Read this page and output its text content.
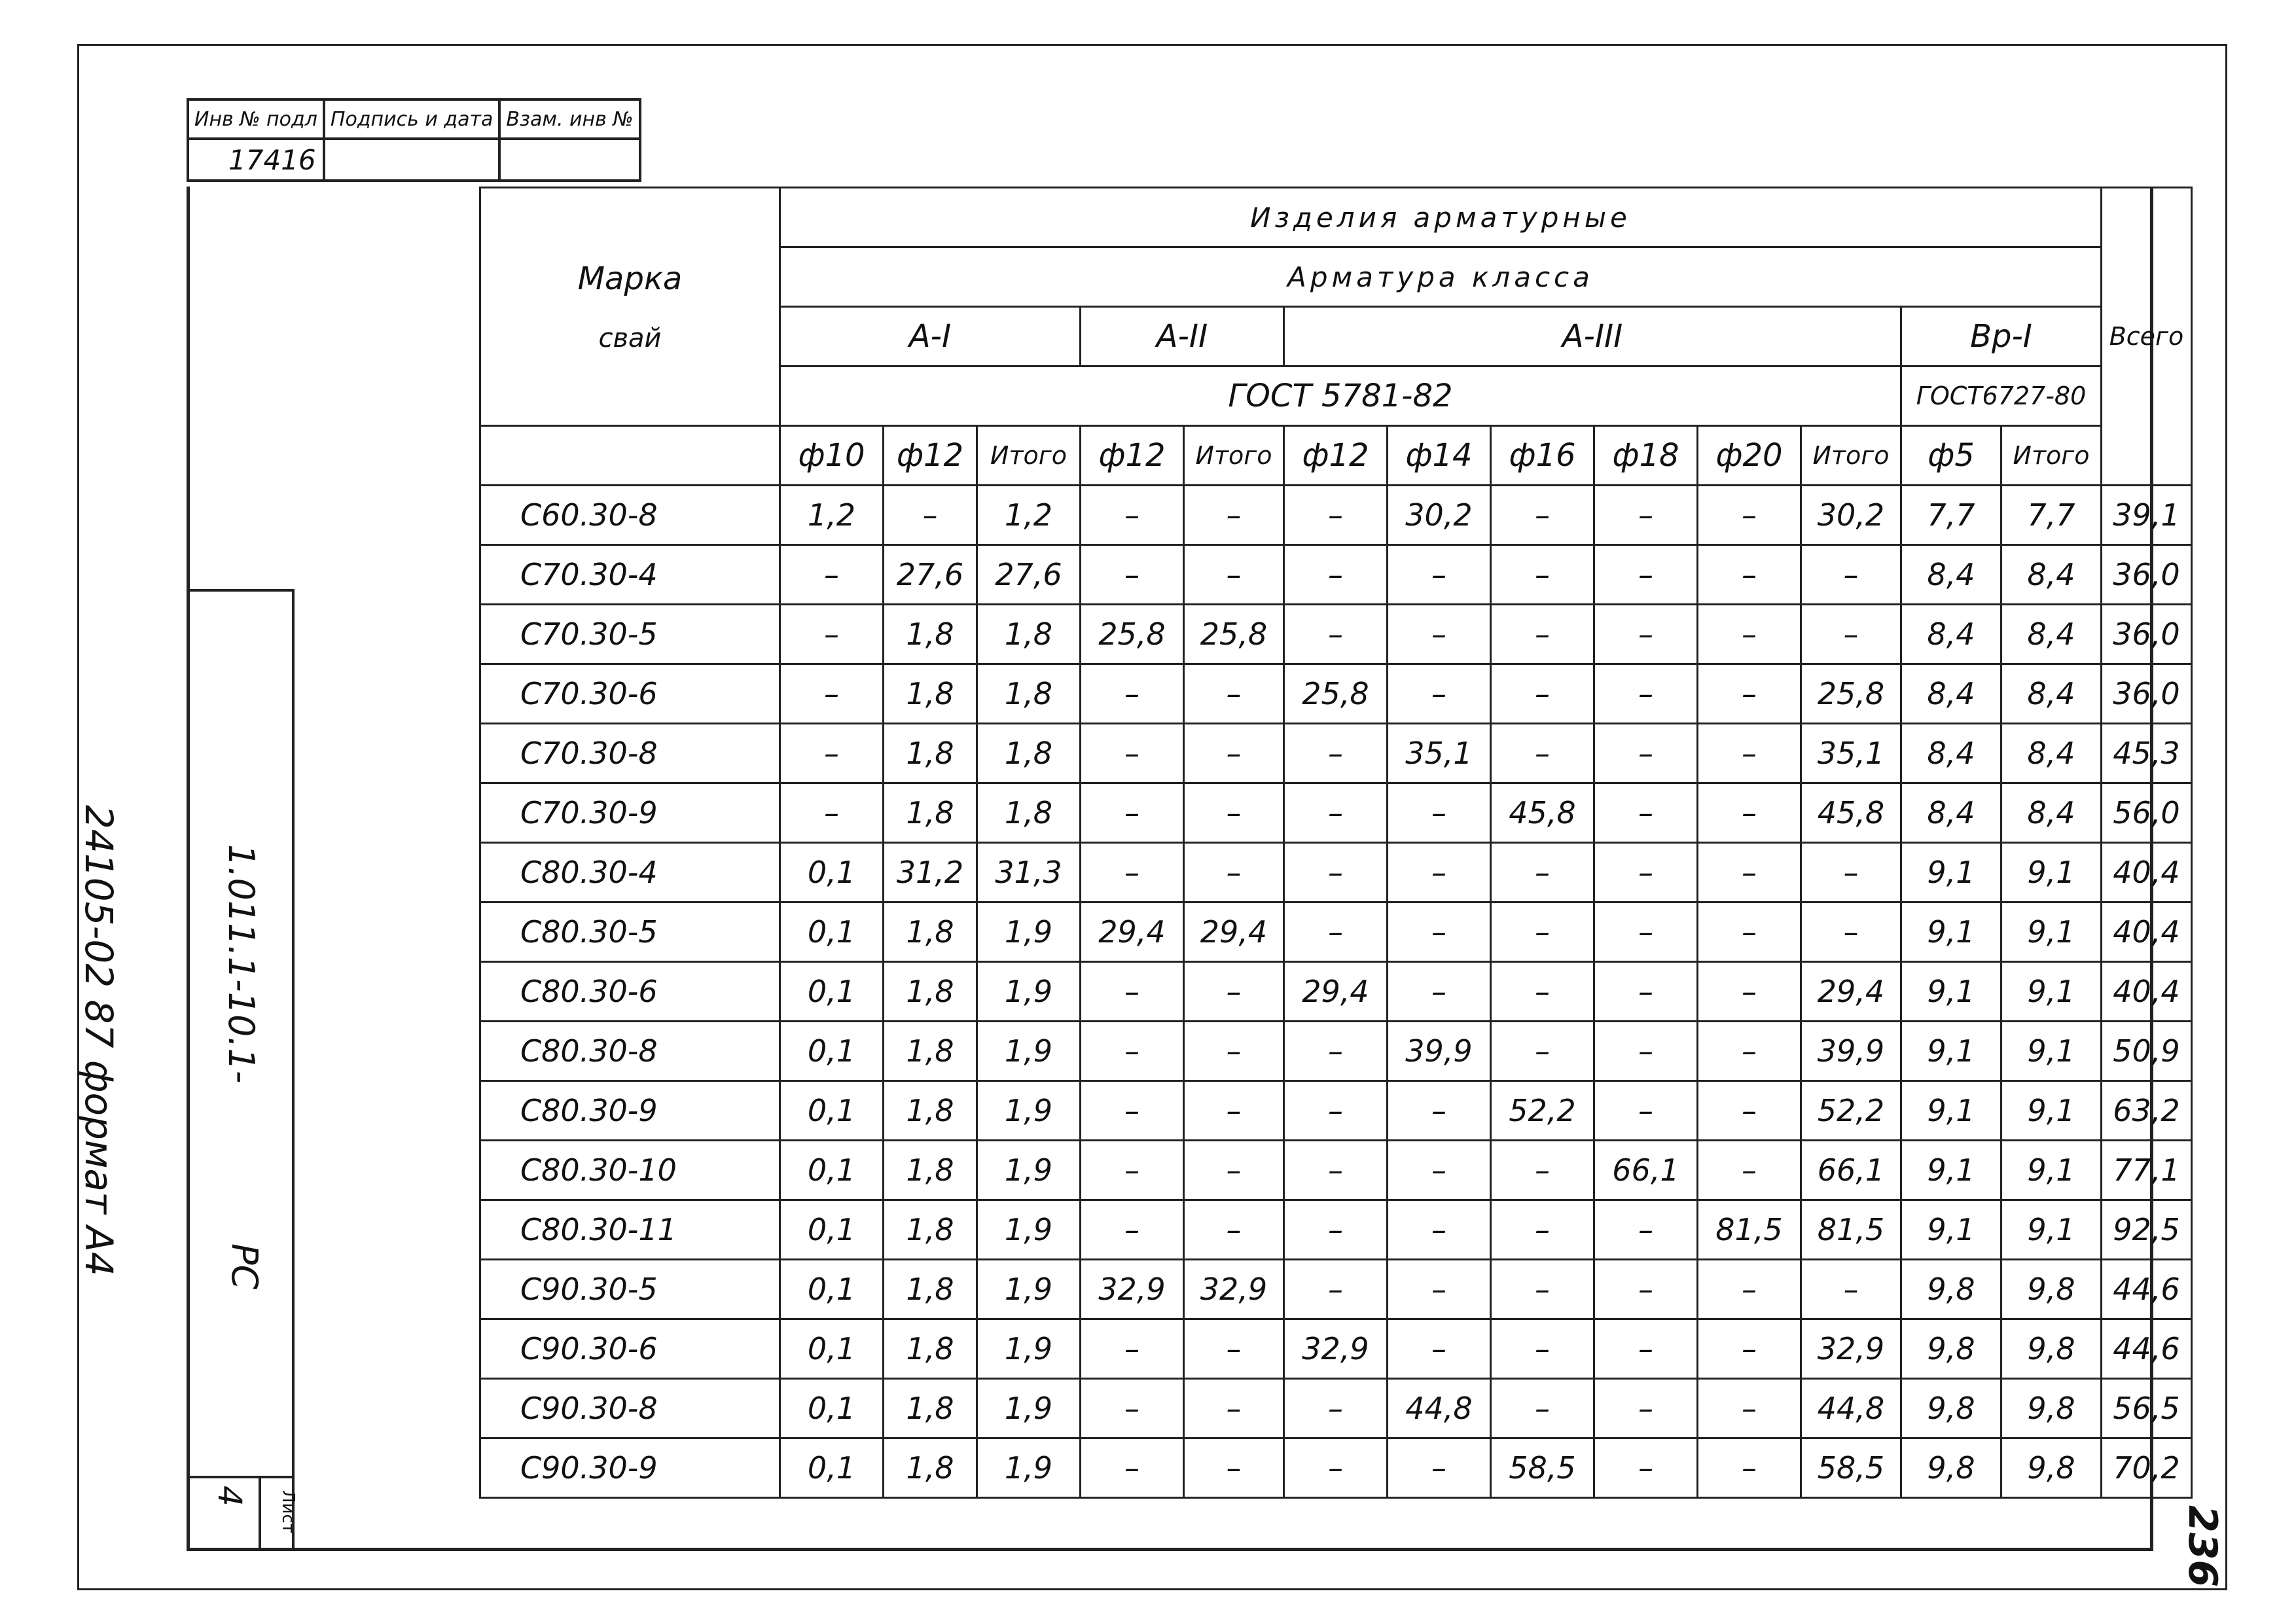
Инв № подл	Подпись и дата	Взам. инв №
17416		
24105-02 87 формат А4	1.011.1-10.1-
РС
4	Лист
Марка
свай	Изделия арматурные													Всего
	Арматура класса													
	А-I			А-II		А-III						Вр-I		
	ГОСТ 5781-82											ГОСТ6727-80		
	ф10	ф12	Итого	ф12	Итого	ф12	ф14	ф16	ф18	ф20	Итого	ф5	Итого	
С60.30-8	1,2	–	1,2	–	–	–	30,2	–	–	–	30,2	7,7	7,7	39,1
С70.30-4	–	27,6	27,6	–	–	–	–	–	–	–	–	8,4	8,4	36,0
С70.30-5	–	1,8	1,8	25,8	25,8	–	–	–	–	–	–	8,4	8,4	36,0
С70.30-6	–	1,8	1,8	–	–	25,8	–	–	–	–	25,8	8,4	8,4	36,0
С70.30-8	–	1,8	1,8	–	–	–	35,1	–	–	–	35,1	8,4	8,4	45,3
С70.30-9	–	1,8	1,8	–	–	–	–	45,8	–	–	45,8	8,4	8,4	56,0
С80.30-4	0,1	31,2	31,3	–	–	–	–	–	–	–	–	9,1	9,1	40,4
С80.30-5	0,1	1,8	1,9	29,4	29,4	–	–	–	–	–	–	9,1	9,1	40,4
С80.30-6	0,1	1,8	1,9	–	–	29,4	–	–	–	–	29,4	9,1	9,1	40,4
С80.30-8	0,1	1,8	1,9	–	–	–	39,9	–	–	–	39,9	9,1	9,1	50,9
С80.30-9	0,1	1,8	1,9	–	–	–	–	52,2	–	–	52,2	9,1	9,1	63,2
С80.30-10	0,1	1,8	1,9	–	–	–	–	–	66,1	–	66,1	9,1	9,1	77,1
С80.30-11	0,1	1,8	1,9	–	–	–	–	–	–	81,5	81,5	9,1	9,1	92,5
С90.30-5	0,1	1,8	1,9	32,9	32,9	–	–	–	–	–	–	9,8	9,8	44,6
С90.30-6	0,1	1,8	1,9	–	–	32,9	–	–	–	–	32,9	9,8	9,8	44,6
С90.30-8	0,1	1,8	1,9	–	–	–	44,8	–	–	–	44,8	9,8	9,8	56,5
С90.30-9	0,1	1,8	1,9	–	–	–	–	58,5	–	–	58,5	9,8	9,8	70,2
236
